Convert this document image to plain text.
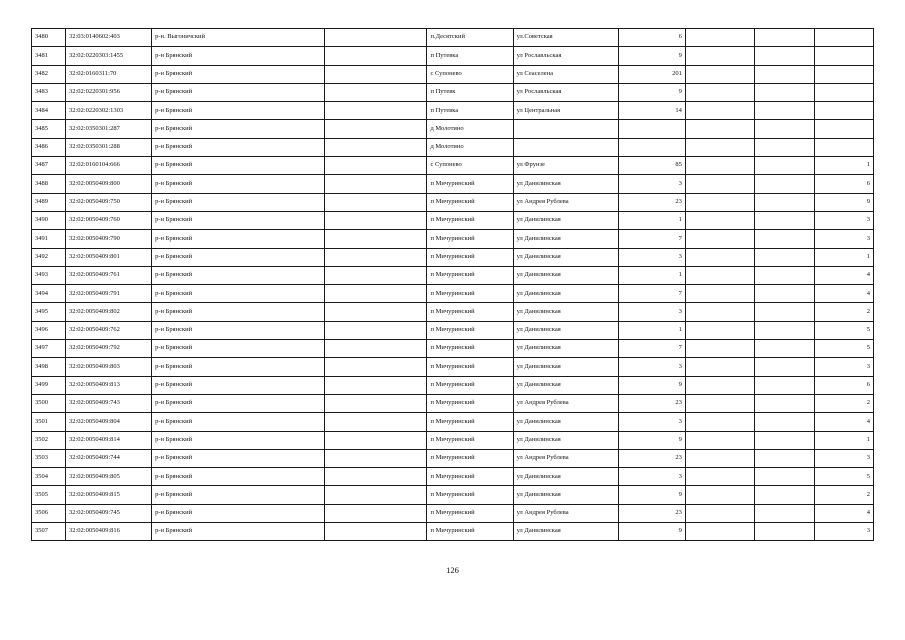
3480	32:03:0140602:403	р-н. Выгоничский		п.Десятский	ул.Советская	6			
3481	32:02:0220303:1455	р-н Брянский		п Путевка	ул Рославльская	9			
3482	32:02:0160311:70	р-н Брянский		с Супонево	ул Сеаселена	201			
3483	32:02:0220301:956	р-н Брянский		п Путевк	ул Рославльская	9			
3484	32:02:0220302:1303	р-н Брянский		п Путевка	ул Центральная	14			
3485	32:02:0350301:287	р-н Брянский		д Молотино					
3486	32:02:0350301:288	р-н Брянский		д Молотино					
3487	32:02:0160104:666	р-н Брянский		с Супонево	ул Фрунзе	85			1
3488	32:02:0050409:800	р-н Брянский		п Мичуринский	ул Данилинская	3			6
3489	32:02:0050409:750	р-н Брянский		п Мичуринский	ул Андрея Рублева	23			9
3490	32:02:0050409:760	р-н Брянский		п Мичуринский	ул Данилинская	1			3
3491	32:02:0050409:790	р-н Брянский		п Мичуринский	ул Данилинская	7			3
3492	32:02:0050409:801	р-н Брянский		п Мичуринский	ул Данилинская	3			1
3493	32:02:0050409:761	р-н Брянский		п Мичуринский	ул Данилинская	1			4
3494	32:02:0050409:791	р-н Брянский		п Мичуринский	ул Данилинская	7			4
3495	32:02:0050409:802	р-н Брянский		п Мичуринский	ул Данилинская	3			2
3496	32:02:0050409:762	р-н Брянский		п Мичуринский	ул Данилинская	1			5
3497	32:02:0050409:792	р-н Брянский		п Мичуринский	ул Данилинская	7			5
3498	32:02:0050409:803	р-н Брянский		п Мичуринский	ул Данилинская	3			3
3499	32:02:0050409:813	р-н Брянский		п Мичуринский	ул Данилинская	9			6
3500	32:02:0050409:743	р-н Брянский		п Мичуринский	ул Андрея Рублева	23			2
3501	32:02:0050409:804	р-н Брянский		п Мичуринский	ул Данилинская	3			4
3502	32:02:0050409:814	р-н Брянский		п Мичуринский	ул Данилинская	9			1
3503	32:02:0050409:744	р-н Брянский		п Мичуринский	ул Андрея Рублева	23			3
3504	32:02:0050409:805	р-н Брянский		п Мичуринский	ул Данилинская	3			5
3505	32:02:0050409:815	р-н Брянский		п Мичуринский	ул Данилинская	9			2
3506	32:02:0050409:745	р-н Брянский		п Мичуринский	ул Андрея Рублева	23			4
3507	32:02:0050409:816	р-н Брянский		п Мичуринский	ул Данилинская	9			3
126
